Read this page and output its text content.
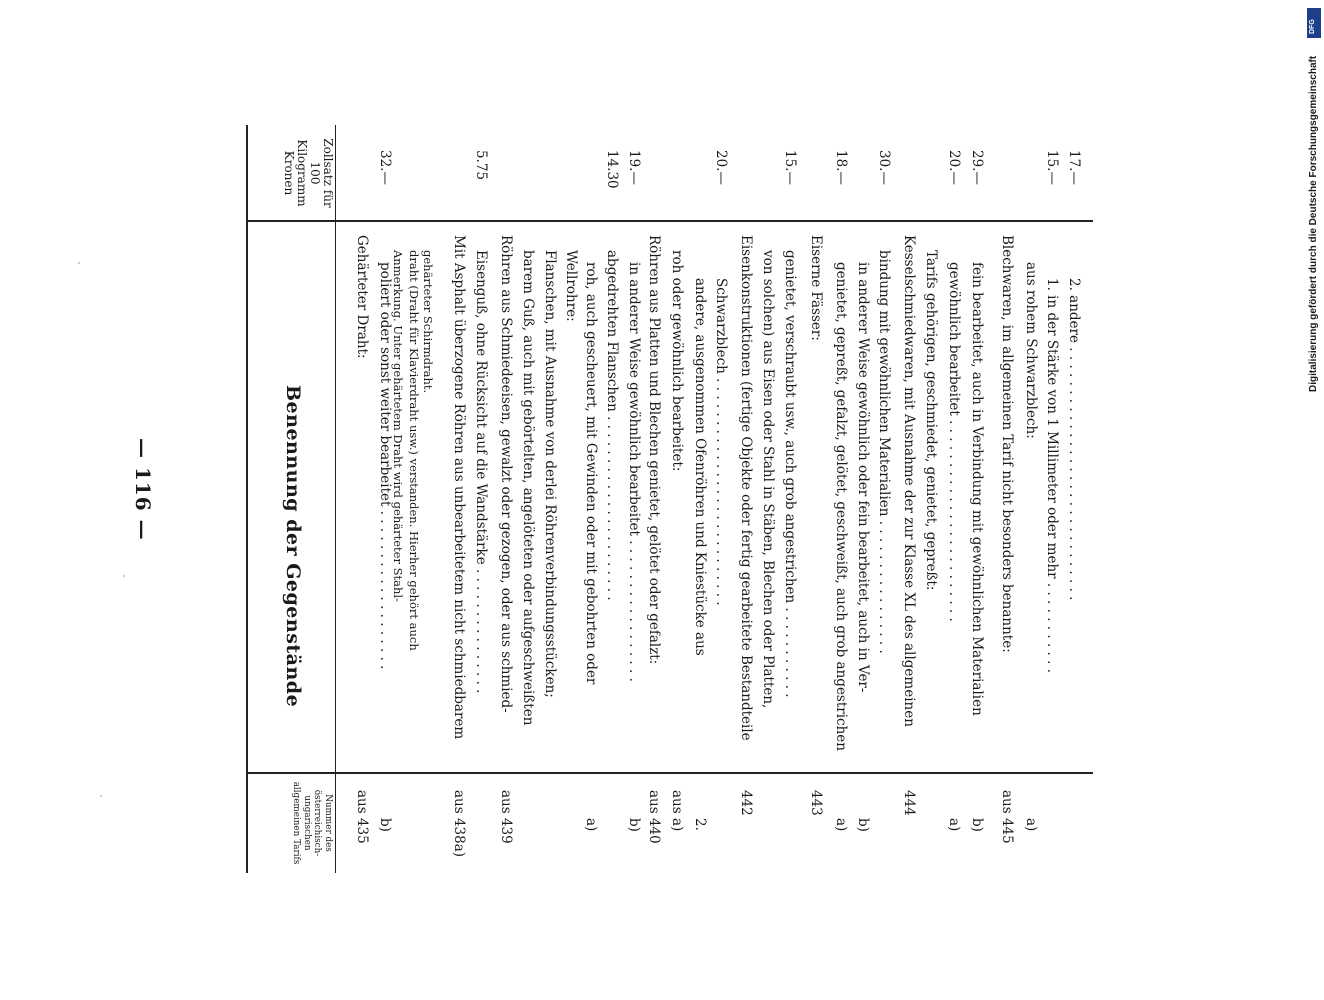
— 116 —
Nummer des österreichisch-ungarischen allgemeinen Tarifs
Benennung der Gegenstände
Zollsatz für 100 Kilogramm Kronen
aus 435
Gehärteter Draht:
b)
poliert oder sonst weiter bearbeitet . . . . . . . . . . . . . . . . . . .
32.—
Anmerkung. Unter gehärtetem Draht wird gehärteter Stahl- draht (Draht für Klavierdraht usw.) verstanden. Hierher gehört auch gehärteter Schirmdraht.
aus 438a)
Mit Asphalt überzogene Röhren aus unbearbeitetem nicht schmiedbarem Eisenguß, ohne Rücksicht auf die Wandstärke . . . . . . . . . . . . . . .
5.75
aus 439
Röhren aus Schmiedeeisen, gewalzt oder gezogen, oder aus schmied- barem Guß, auch mit gebörtelten, angelöteten oder aufgeschweißten Flanschen, mit Ausnahme von derlei Röhrenverbindungsstücken; Wellrohre:
a)
roh, auch gescheuert, mit Gewinden oder mit gebohrten oder abgedrehten Flanschen . . . . . . . . . . . . . . . . . . . . . .
14.30
b)
in anderer Weise gewöhnlich bearbeitet . . . . . . . . . . . . . . . . .
19.—
aus 440
Röhren aus Platten und Blechen genietet, gelötet oder gefalzt:
aus a)
roh oder gewöhnlich bearbeitet:
2.
andere, ausgenommen Ofenröhren und Kniestücke aus Schwarzblech . . . . . . . . . . . . . . . . . . . . . . . . . . .
20.—
442
Eisenkonstruktionen (fertige Objekte oder fertig gearbeitete Bestandteile von solchen) aus Eisen oder Stahl in Stäben, Blechen oder Platten, genietet, verschraubt usw., auch grob angestrichen . . . . . . . . . . .
15.—
443
Eiserne Fässer:
a)
genietet, gepreßt, gefalzt, gelötet, geschweißt, auch grob angestrichen
18.—
b)
in anderer Weise gewöhnlich oder fein bearbeitet, auch in Ver- bindung mit gewöhnlichen Materialien . . . . . . . . . . . . . . . .
30.—
444
Kesselschmiedwaren, mit Ausnahme der zur Klasse XL des allgemeinen Tarifs gehörigen, geschmiedet, genietet, gepreßt:
a)
gewöhnlich bearbeitet . . . . . . . . . . . . . . . . . . . . . . . .
20.—
b)
fein bearbeitet, auch in Verbindung mit gewöhnlichen Materialien
29.—
aus 445
Blechwaren, im allgemeinen Tarif nicht besonders benannte:
a)
aus rohem Schwarzblech: 1. in der Stärke von 1 Millimeter oder mehr . . . . . . . . . . .
15.—
2. andere . . . . . . . . . . . . . . . . . . . . . . . . . . . . . .
17.—	Digitalisierung gefördert durch die Deutsche Forschungsgemeinschaft
DFG
